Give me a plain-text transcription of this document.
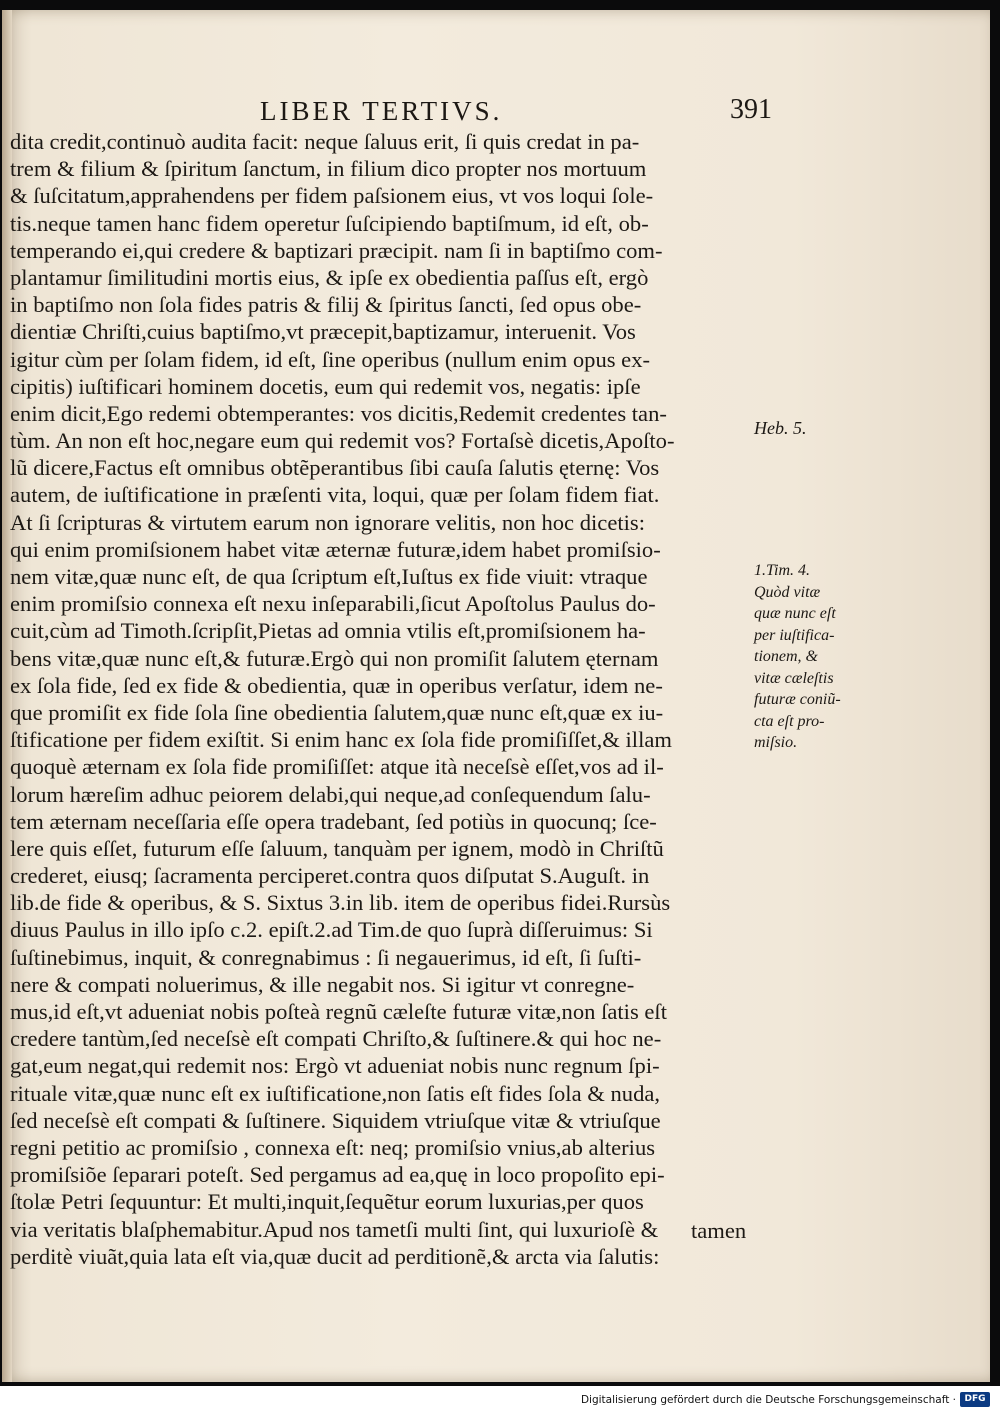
LIBER TERTIVS.	391
dita credit,continuò audita facit: neque ſaluus erit, ſi quis credat in pa-
trem & filium & ſpiritum ſanctum, in filium dico propter nos mortuum
& ſuſcitatum,apprahendens per fidem paſsionem eius, vt vos loqui ſole-
tis.neque tamen hanc fidem operetur ſuſcipiendo baptiſmum, id eſt, ob-
temperando ei,qui credere & baptizari præcipit. nam ſi in baptiſmo com-
plantamur ſimilitudini mortis eius, & ipſe ex obedientia paſſus eſt, ergò
in baptiſmo non ſola fides patris & filij & ſpiritus ſancti, ſed opus obe-
dientiæ Chriſti,cuius baptiſmo,vt præcepit,baptizamur, interuenit. Vos
igitur cùm per ſolam fidem, id eſt, ſine operibus (nullum enim opus ex-
cipitis) iuſtificari hominem docetis, eum qui redemit vos, negatis: ipſe
enim dicit,Ego redemi obtemperantes: vos dicitis,Redemit credentes tan-
tùm. An non eſt hoc,negare eum qui redemit vos? Fortaſsè dicetis,Apoſto-
lũ dicere,Factus eſt omnibus obtẽperantibus ſibi cauſa ſalutis ęternę: Vos
autem, de iuſtificatione in præſenti vita, loqui, quæ per ſolam fidem fiat.
At ſi ſcripturas & virtutem earum non ignorare velitis, non hoc dicetis:
qui enim promiſsionem habet vitæ æternæ futuræ,idem habet promiſsio-
nem vitæ,quæ nunc eſt, de qua ſcriptum eſt,Iuſtus ex fide viuit: vtraque
enim promiſsio connexa eſt nexu inſeparabili,ſicut Apoſtolus Paulus do-
cuit,cùm ad Timoth.ſcripſit,Pietas ad omnia vtilis eſt,promiſsionem ha-
bens vitæ,quæ nunc eſt,& futuræ.Ergò qui non promiſit ſalutem ęternam
ex ſola fide, ſed ex fide & obedientia, quæ in operibus verſatur, idem ne-
que promiſit ex fide ſola ſine obedientia ſalutem,quæ nunc eſt,quæ ex iu-
ſtificatione per fidem exiſtit. Si enim hanc ex ſola fide promiſiſſet,& illam
quoquè æternam ex ſola fide promiſiſſet: atque ità neceſsè eſſet,vos ad il-
lorum hæreſim adhuc peiorem delabi,qui neque,ad conſequendum ſalu-
tem æternam neceſſaria eſſe opera tradebant, ſed potiùs in quocunq; ſce-
lere quis eſſet, futurum eſſe ſaluum, tanquàm per ignem, modò in Chriſtũ
crederet, eiusq; ſacramenta perciperet.contra quos diſputat S.Auguſt. in
lib.de fide & operibus, & S. Sixtus 3.in lib. item de operibus fidei.Rursùs
diuus Paulus in illo ipſo c.2. epiſt.2.ad Tim.de quo ſuprà diſſeruimus: Si
ſuſtinebimus, inquit, & conregnabimus : ſi negauerimus, id eſt, ſi ſuſti-
nere & compati noluerimus, & ille negabit nos. Si igitur vt conregne-
mus,id eſt,vt adueniat nobis poſteà regnũ cæleſte futuræ vitæ,non ſatis eſt
credere tantùm,ſed neceſsè eſt compati Chriſto,& ſuſtinere.& qui hoc ne-
gat,eum negat,qui redemit nos: Ergò vt adueniat nobis nunc regnum ſpi-
rituale vitæ,quæ nunc eſt ex iuſtificatione,non ſatis eſt fides ſola & nuda,
ſed neceſsè eſt compati & ſuſtinere. Siquidem vtriuſque vitæ & vtriuſque
regni petitio ac promiſsio , connexa eſt: neq; promiſsio vnius,ab alterius
promiſsiõe ſeparari poteſt. Sed pergamus ad ea,quę in loco propoſito epi-
ſtolæ Petri ſequuntur: Et multi,inquit,ſequẽtur eorum luxurias,per quos
via veritatis blaſphemabitur.Apud nos tametſi multi ſint, qui luxurioſè &
perditè viuãt,quia lata eſt via,quæ ducit ad perditionẽ,& arcta via ſalutis:
tamen
Heb. 5.
1.Tim. 4.
Quòd vitæ
quæ nunc eſt
per iuſtifica-
tionem, &
vitæ cæleſtis
futuræ coniũ-
cta eſt pro-
miſsio.
Digitalisierung gefördert durch die Deutsche Forschungsgemeinschaft · DFG
